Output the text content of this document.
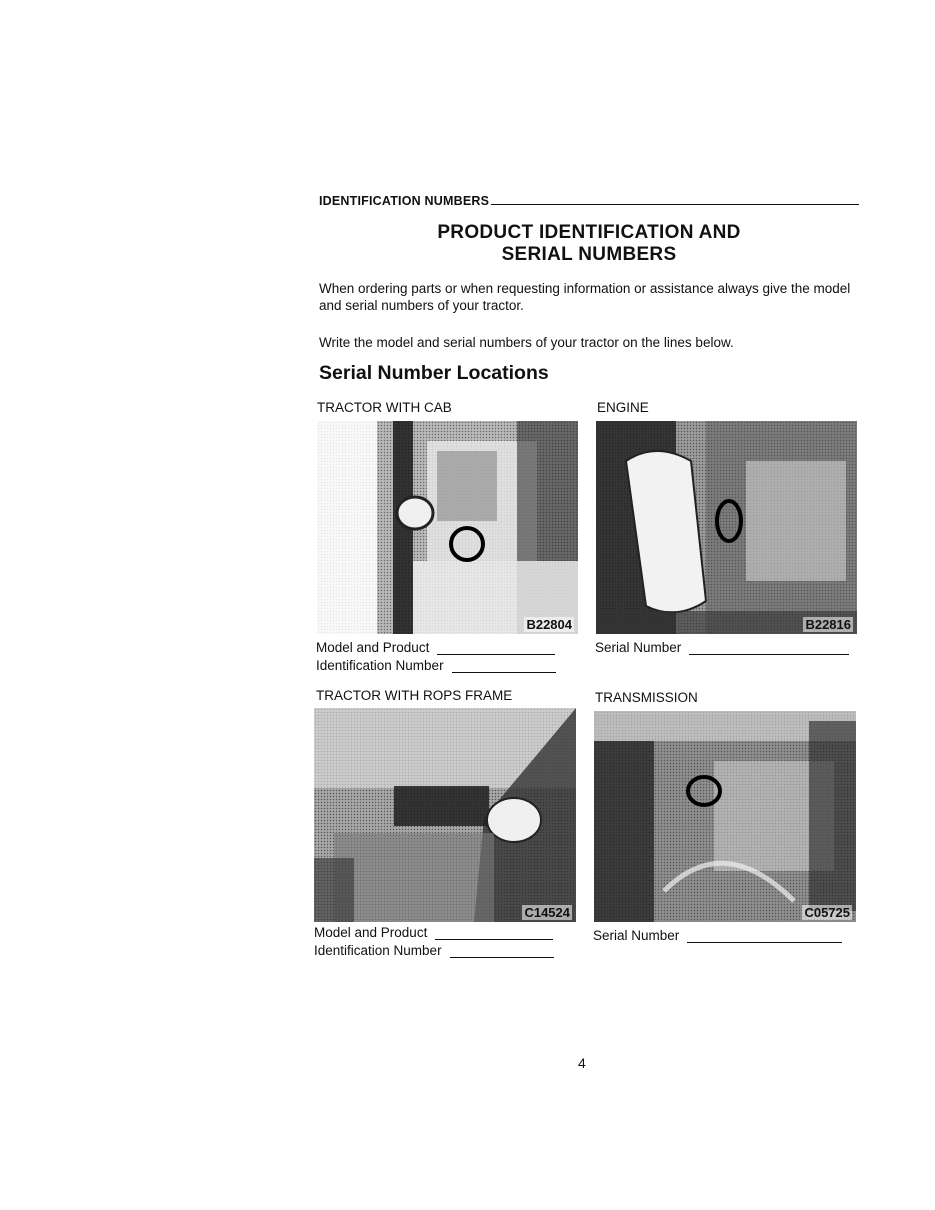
IDENTIFICATION NUMBERS
PRODUCT IDENTIFICATION AND
SERIAL NUMBERS
When ordering parts or when requesting information or assistance always give the model and serial numbers of your tractor.
Write the model and serial numbers of your tractor on the lines below.
Serial Number Locations
TRACTOR WITH CAB
B22804
Model and Product
Identification Number
ENGINE
B22816
Serial Number
TRACTOR WITH ROPS FRAME
C14524
Model and Product
Identification Number
TRANSMISSION
C05725
Serial Number
4
